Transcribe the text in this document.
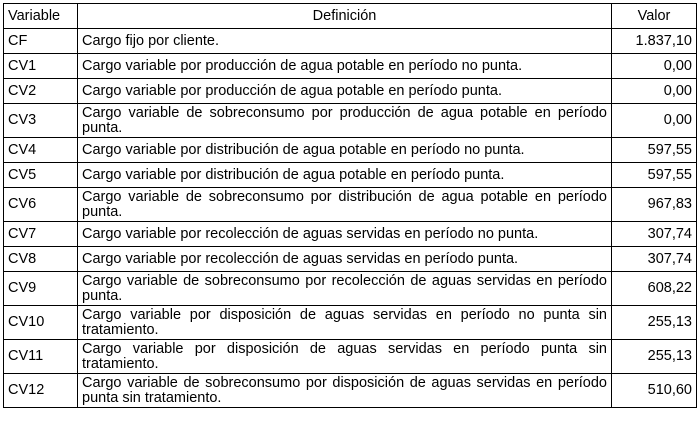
Variable	Definición	Valor
CF	Cargo fijo por cliente.	1.837,10
CV1	Cargo variable por producción de agua potable en período no punta.	0,00
CV2	Cargo variable por producción de agua potable en período punta.	0,00
CV3	Cargo variable de sobreconsumo por producción de agua potable en período punta.	0,00
CV4	Cargo variable por distribución de agua potable en período no punta.	597,55
CV5	Cargo variable por distribución de agua potable en período punta.	597,55
CV6	Cargo variable de sobreconsumo por distribución de agua potable en período punta.	967,83
CV7	Cargo variable por recolección de aguas servidas en período no punta.	307,74
CV8	Cargo variable por recolección de aguas servidas en período punta.	307,74
CV9	Cargo variable de sobreconsumo por recolección de aguas servidas en período punta.	608,22
CV10	Cargo variable por disposición de aguas servidas en período no punta sin tratamiento.	255,13
CV11	Cargo variable por disposición de aguas servidas en período punta sin tratamiento.	255,13
CV12	Cargo variable de sobreconsumo por disposición de aguas servidas en período punta sin tratamiento.	510,60
